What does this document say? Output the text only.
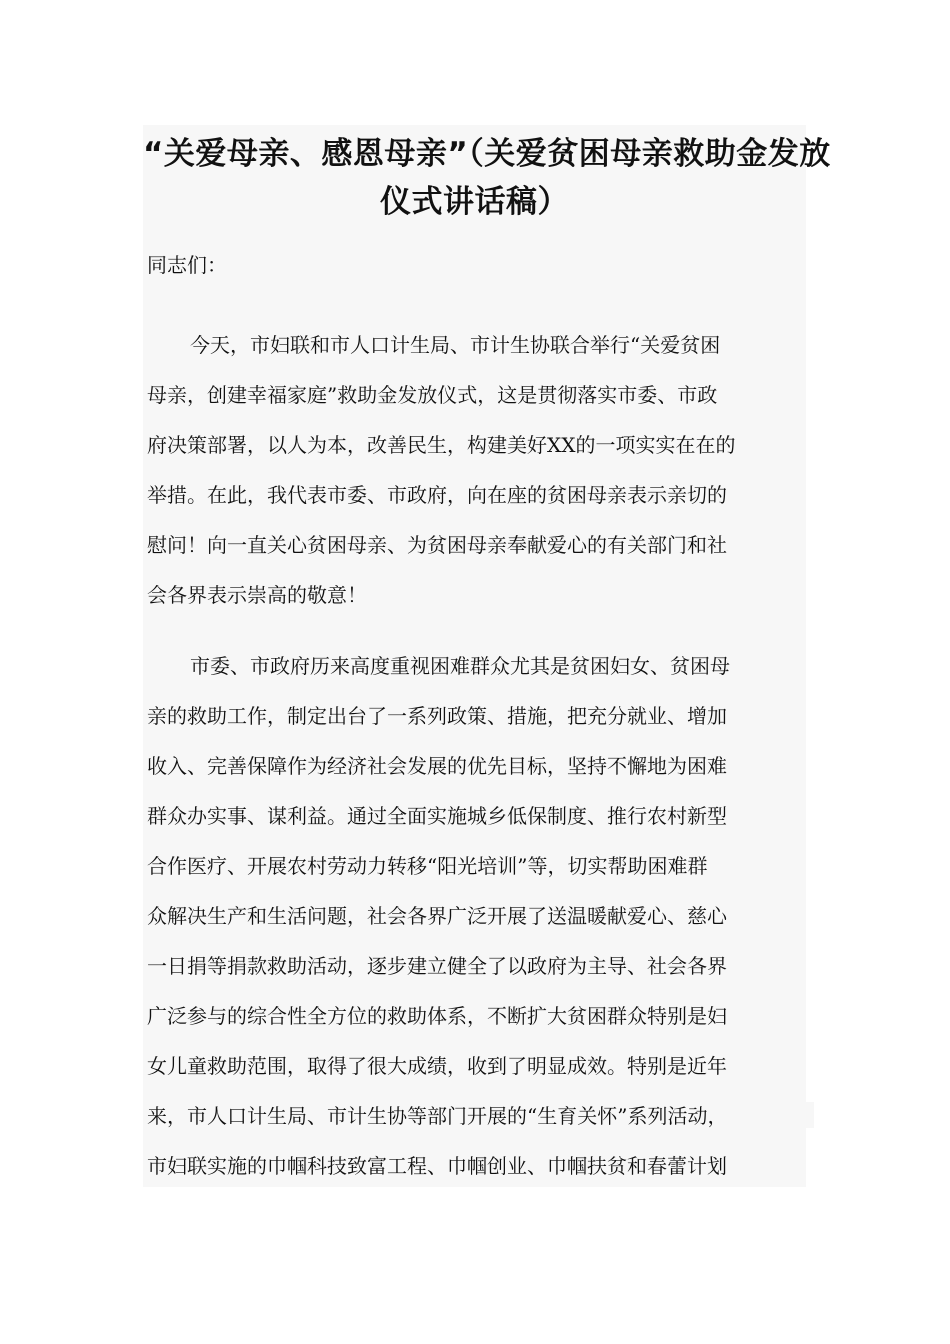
“关爱母亲、感恩母亲”（关爱贫困母亲救助金发放
仪式讲话稿）

同志们：

今天，市妇联和市人口计生局、市计生协联合举行“关爱贫困
母亲，创建幸福家庭”救助金发放仪式，这是贯彻落实市委、市政
府决策部署，以人为本，改善民生，构建美好XX的一项实实在在的
举措。在此，我代表市委、市政府，向在座的贫困母亲表示亲切的
慰问！向一直关心贫困母亲、为贫困母亲奉献爱心的有关部门和社
会各界表示崇高的敬意！

市委、市政府历来高度重视困难群众尤其是贫困妇女、贫困母
亲的救助工作，制定出台了一系列政策、措施，把充分就业、增加
收入、完善保障作为经济社会发展的优先目标，坚持不懈地为困难
群众办实事、谋利益。通过全面实施城乡低保制度、推行农村新型
合作医疗、开展农村劳动力转移“阳光培训”等，切实帮助困难群
众解决生产和生活问题，社会各界广泛开展了送温暖献爱心、慈心
一日捐等捐款救助活动，逐步建立健全了以政府为主导、社会各界
广泛参与的综合性全方位的救助体系，不断扩大贫困群众特别是妇
女儿童救助范围，取得了很大成绩，收到了明显成效。特别是近年
来，市人口计生局、市计生协等部门开展的“生育关怀”系列活动，
市妇联实施的巾帼科技致富工程、巾帼创业、巾帼扶贫和春蕾计划
